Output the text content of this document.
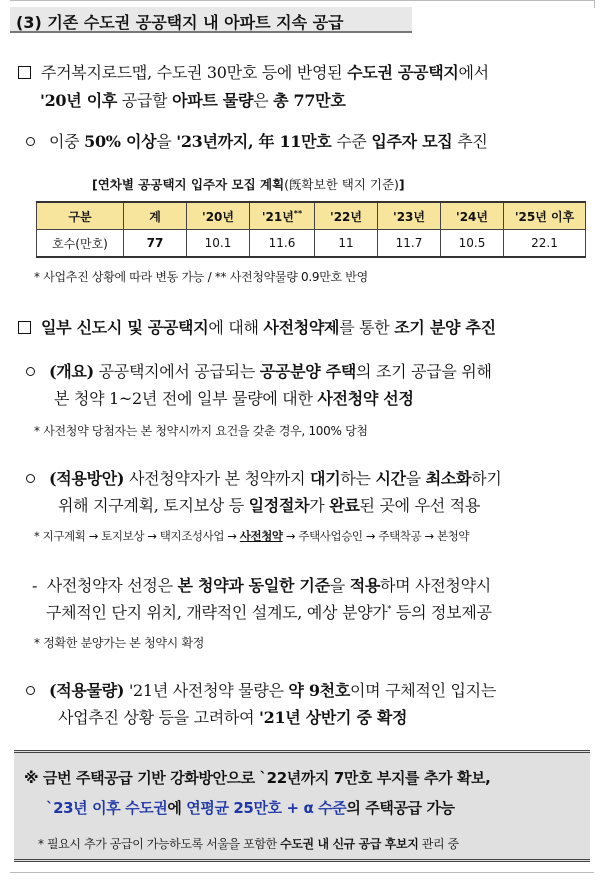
(3) 기존 수도권 공공택지 내 아파트 지속 공급
주거복지로드맵, 수도권 30만호 등에 반영된 수도권 공공택지에서
'20년 이후 공급할 아파트 물량은 총 77만호
이중 50% 이상을 '23년까지, 年 11만호 수준 입주자 모집 추진
[연차별 공공택지 입주자 모집 계획(旣확보한 택지 기준)]
구분	계	'20년	'21년**	'22년	'23년	'24년	'25년 이후
호수(만호)	77	10.1	11.6	11	11.7	10.5	22.1
* 사업추진 상황에 따라 변동 가능 / ** 사전청약물량 0.9만호 반영
일부 신도시 및 공공택지에 대해 사전청약제를 통한 조기 분양 추진
(개요) 공공택지에서 공급되는 공공분양 주택의 조기 공급을 위해
본 청약 1~2년 전에 일부 물량에 대한 사전청약 선정
* 사전청약 당첨자는 본 청약시까지 요건을 갖춘 경우, 100% 당첨
(적용방안) 사전청약자가 본 청약까지 대기하는 시간을 최소화하기
위해 지구계획, 토지보상 등 일정절차가 완료된 곳에 우선 적용
* 지구계획 → 토지보상 → 택지조성사업 → 사전청약 → 주택사업승인 → 주택착공 → 본청약
-  사전청약자 선정은 본 청약과 동일한 기준을 적용하며 사전청약시
구체적인 단지 위치, 개략적인 설계도, 예상 분양가* 등의 정보제공
* 정확한 분양가는 본 청약시 확정
(적용물량) '21년 사전청약 물량은 약 9천호이며 구체적인 입지는
사업추진 상황 등을 고려하여 '21년 상반기 중 확정
※ 금번 주택공급 기반 강화방안으로 `22년까지 7만호 부지를 추가 확보,
`23년 이후 수도권에 연평균 25만호 + α 수준의 주택공급 가능
* 필요시 추가 공급이 가능하도록 서울을 포함한 수도권 내 신규 공급 후보지 관리 중
